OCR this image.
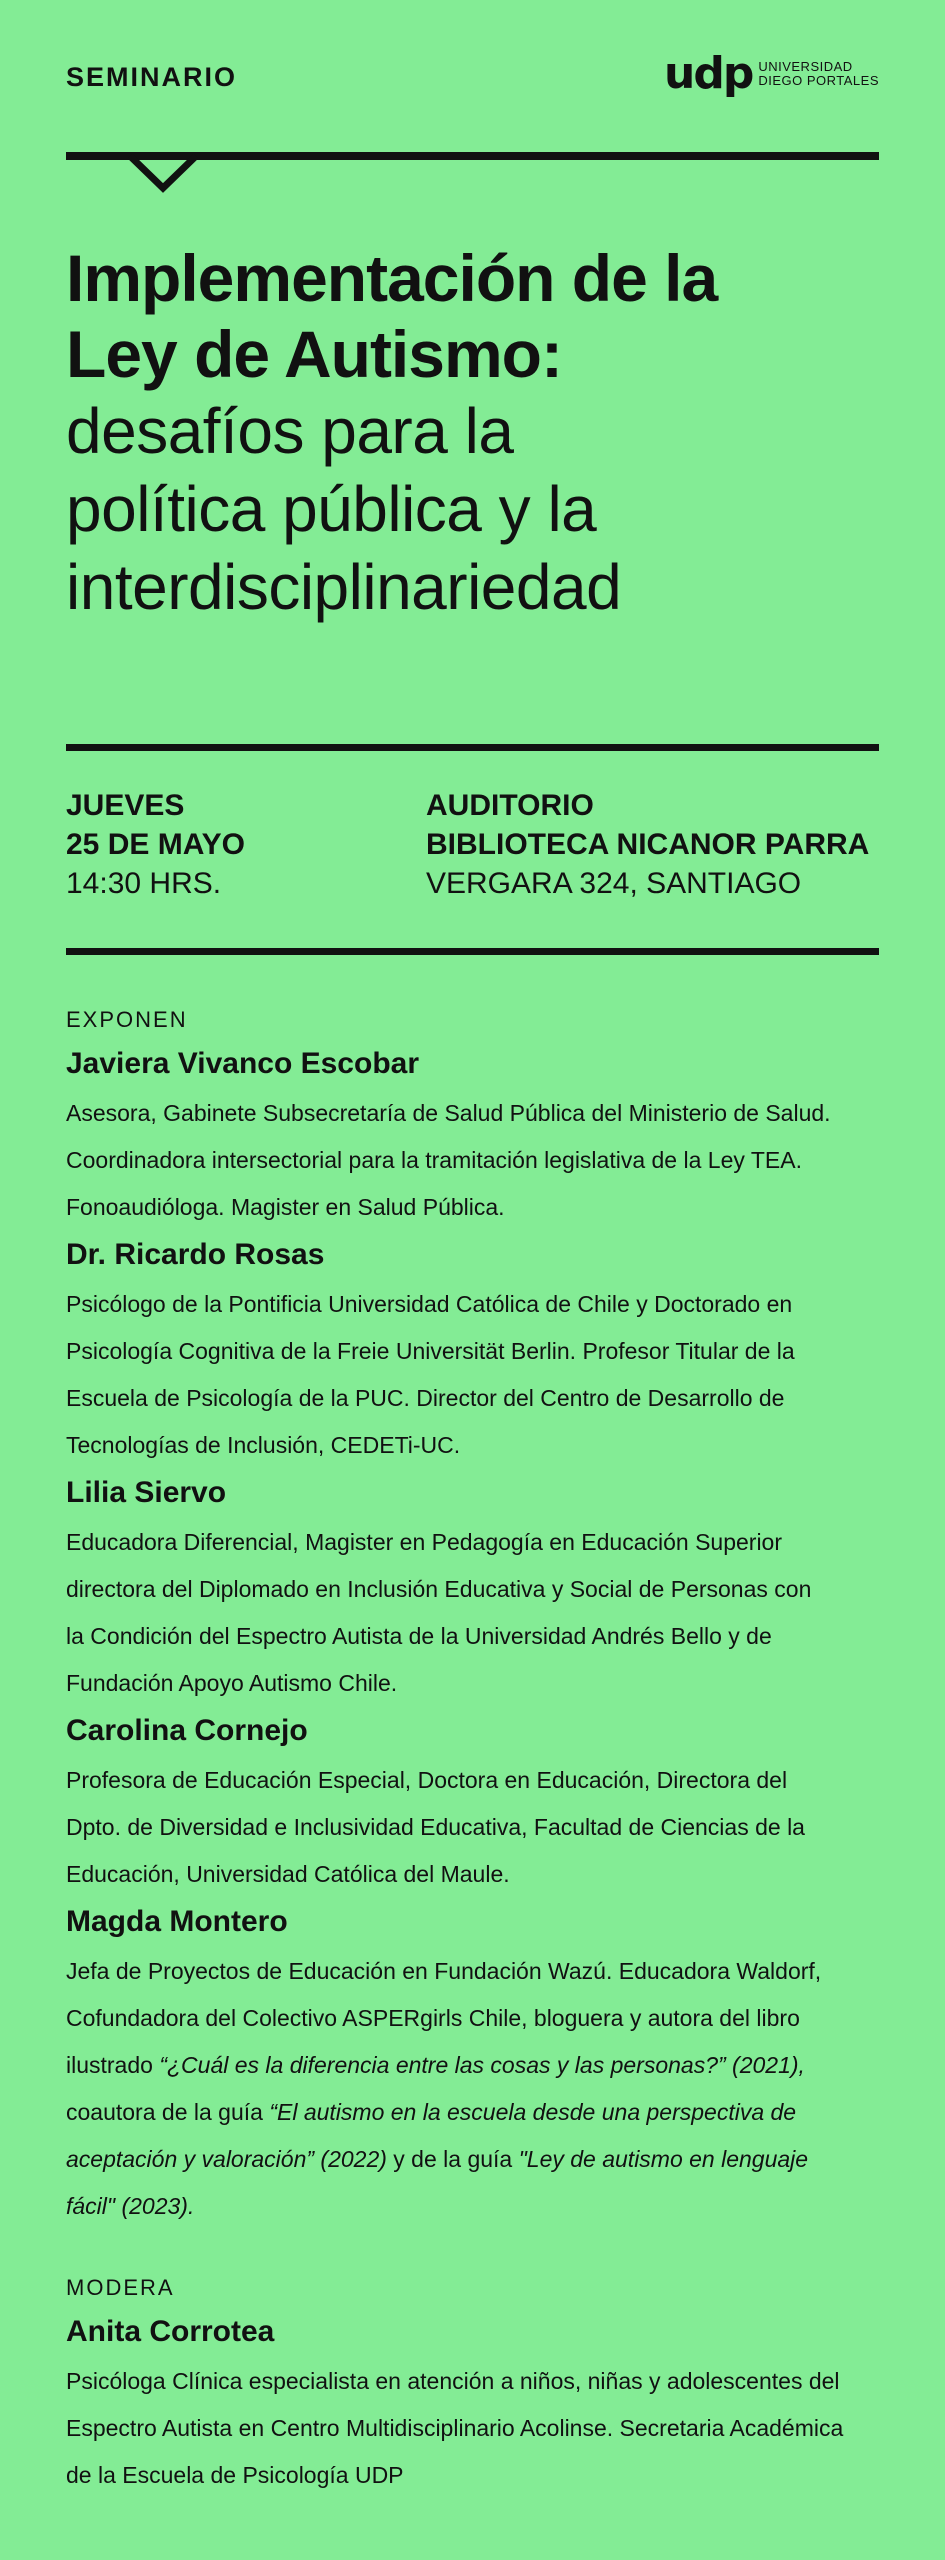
SEMINARIO	udp UNIVERSIDAD
DIEGO PORTALES
Implementación de la
Ley de Autismo:
desafíos para la
política pública y la
interdisciplinariedad
JUEVES
25 DE MAYO
14:30 HRS.
AUDITORIO
BIBLIOTECA NICANOR PARRA
VERGARA 324, SANTIAGO
EXPONEN
Javiera Vivanco Escobar
Asesora, Gabinete Subsecretaría de Salud Pública del Ministerio de Salud.
Coordinadora intersectorial para la tramitación legislativa de la Ley TEA.
Fonoaudióloga. Magister en Salud Pública.
Dr. Ricardo Rosas
Psicólogo de la Pontificia Universidad Católica de Chile y Doctorado en
Psicología Cognitiva de la Freie Universität Berlin. Profesor Titular de la
Escuela de Psicología de la PUC. Director del Centro de Desarrollo de
Tecnologías de Inclusión, CEDETi-UC.
Lilia Siervo
Educadora Diferencial, Magister en Pedagogía en Educación Superior
directora del Diplomado en Inclusión Educativa y Social de Personas con
la Condición del Espectro Autista de la Universidad Andrés Bello y de
Fundación Apoyo Autismo Chile.
Carolina Cornejo
Profesora de Educación Especial, Doctora en Educación, Directora del
Dpto. de Diversidad e Inclusividad Educativa, Facultad de Ciencias de la
Educación, Universidad Católica del Maule.
Magda Montero
Jefa de Proyectos de Educación en Fundación Wazú. Educadora Waldorf,
Cofundadora del Colectivo ASPERgirls Chile, bloguera y autora del libro
ilustrado “¿Cuál es la diferencia entre las cosas y las personas?” (2021),
coautora de la guía “El autismo en la escuela desde una perspectiva de
aceptación y valoración” (2022) y de la guía "Ley de autismo en lenguaje
fácil" (2023).
MODERA
Anita Corrotea
Psicóloga Clínica especialista en atención a niños, niñas y adolescentes del
Espectro Autista en Centro Multidisciplinario Acolinse. Secretaria Académica
de la Escuela de Psicología UDP
